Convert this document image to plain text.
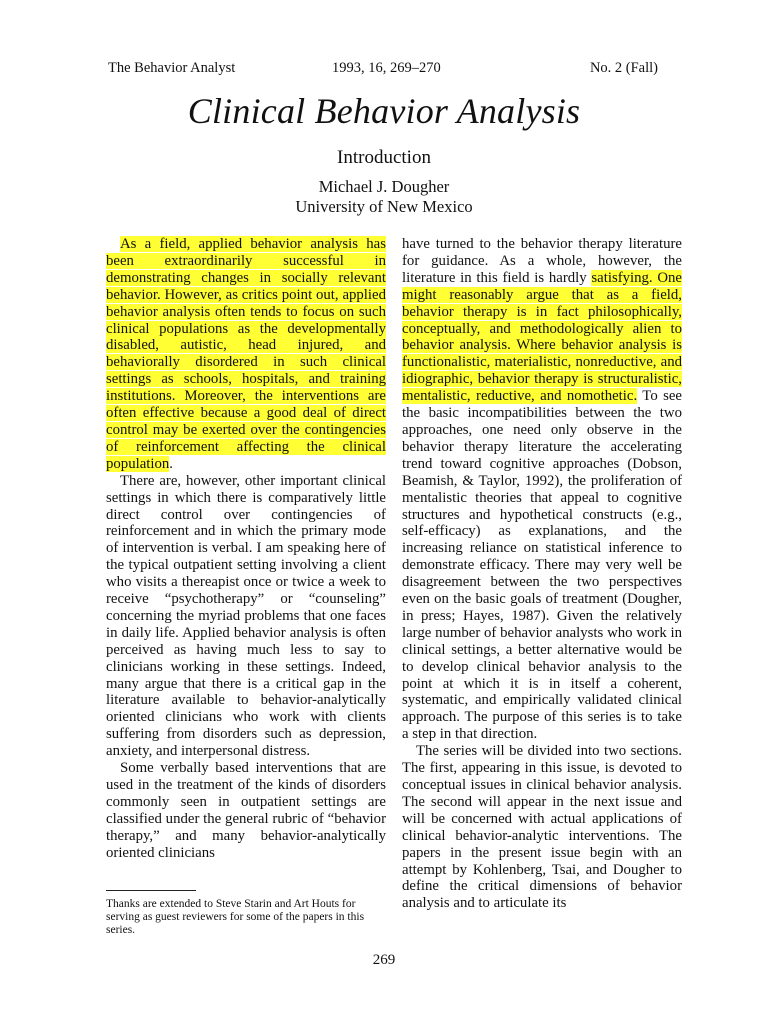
The Behavior Analyst	1993, 16, 269–270	No. 2 (Fall)
Clinical Behavior Analysis
Introduction
Michael J. Dougher
University of New Mexico

As a field, applied behavior analysis has been extraordinarily successful in demonstrating changes in socially relevant behavior. However, as critics point out, applied behavior analysis often tends to focus on such clinical populations as the developmentally disabled, autistic, head injured, and behaviorally disordered in such clinical settings as schools, hospitals, and training institutions. Moreover, the interventions are often effective because a good deal of direct control may be exerted over the contingencies of reinforcement affecting the clinical population.

There are, however, other important clinical settings in which there is comparatively little direct control over contingencies of reinforcement and in which the primary mode of intervention is verbal. I am speaking here of the typical outpatient setting involving a client who visits a thereapist once or twice a week to receive “psychotherapy” or “counseling” concerning the myriad problems that one faces in daily life. Applied behavior analysis is often perceived as having much less to say to clinicians working in these settings. Indeed, many argue that there is a critical gap in the literature available to behavior-analytically oriented clinicians who work with clients suffering from disorders such as depression, anxiety, and interpersonal distress.

Some verbally based interventions that are used in the treatment of the kinds of disorders commonly seen in outpatient settings are classified under the general rubric of “behavior therapy,” and many behavior-analytically oriented clinicians

have turned to the behavior therapy literature for guidance. As a whole, however, the literature in this field is hardly satisfying. One might reasonably argue that as a field, behavior therapy is in fact philosophically, conceptually, and methodologically alien to behavior analysis. Where behavior analysis is functionalistic, materialistic, nonreductive, and idiographic, behavior therapy is structuralistic, mentalistic, reductive, and nomothetic. To see the basic incompatibilities between the two approaches, one need only observe in the behavior therapy literature the accelerating trend toward cognitive approaches (Dobson, Beamish, & Taylor, 1992), the proliferation of mentalistic theories that appeal to cognitive structures and hypothetical constructs (e.g., self-efficacy) as explanations, and the increasing reliance on statistical inference to demonstrate efficacy. There may very well be disagreement between the two perspectives even on the basic goals of treatment (Dougher, in press; Hayes, 1987). Given the relatively large number of behavior analysts who work in clinical settings, a better alternative would be to develop clinical behavior analysis to the point at which it is in itself a coherent, systematic, and empirically validated clinical approach. The purpose of this series is to take a step in that direction.

The series will be divided into two sections. The first, appearing in this issue, is devoted to conceptual issues in clinical behavior analysis. The second will appear in the next issue and will be concerned with actual applications of clinical behavior-analytic interventions. The papers in the present issue begin with an attempt by Kohlenberg, Tsai, and Dougher to define the critical dimensions of behavior analysis and to articulate its

Thanks are extended to Steve Starin and Art Houts for serving as guest reviewers for some of the papers in this series.
269
